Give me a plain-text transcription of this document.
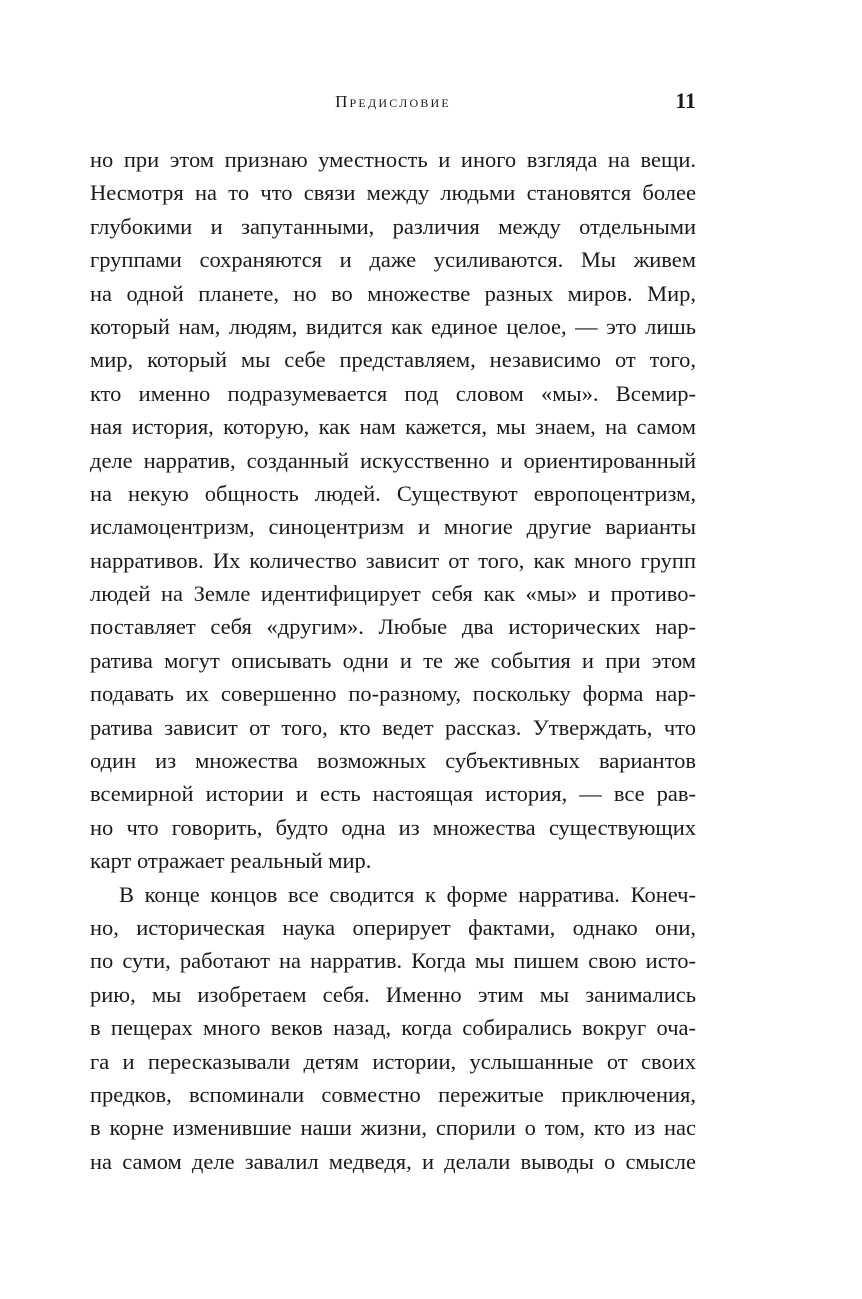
Предисловие	11
но при этом признаю уместность и иного взгляда на вещи.
Несмотря на то что связи между людьми становятся более
глубокими и запутанными, различия между отдельными
группами сохраняются и даже усиливаются. Мы живем
на одной планете, но во множестве разных миров. Мир,
который нам, людям, видится как единое целое, — это лишь
мир, который мы себе представляем, независимо от того,
кто именно подразумевается под словом «мы». Всемир-
ная история, которую, как нам кажется, мы знаем, на самом
деле нарратив, созданный искусственно и ориентированный
на некую общность людей. Существуют европоцентризм,
исламоцентризм, синоцентризм и многие другие варианты
нарративов. Их количество зависит от того, как много групп
людей на Земле идентифицирует себя как «мы» и противо-
поставляет себя «другим». Любые два исторических нар-
ратива могут описывать одни и те же события и при этом
подавать их совершенно по-разному, поскольку форма нар-
ратива зависит от того, кто ведет рассказ. Утверждать, что
один из множества возможных субъективных вариантов
всемирной истории и есть настоящая история, — все рав-
но что говорить, будто одна из множества существующих
карт отражает реальный мир.
В конце концов все сводится к форме нарратива. Конеч-
но, историческая наука оперирует фактами, однако они,
по сути, работают на нарратив. Когда мы пишем свою исто-
рию, мы изобретаем себя. Именно этим мы занимались
в пещерах много веков назад, когда собирались вокруг оча-
га и пересказывали детям истории, услышанные от своих
предков, вспоминали совместно пережитые приключения,
в корне изменившие наши жизни, спорили о том, кто из нас
на самом деле завалил медведя, и делали выводы о смысле
